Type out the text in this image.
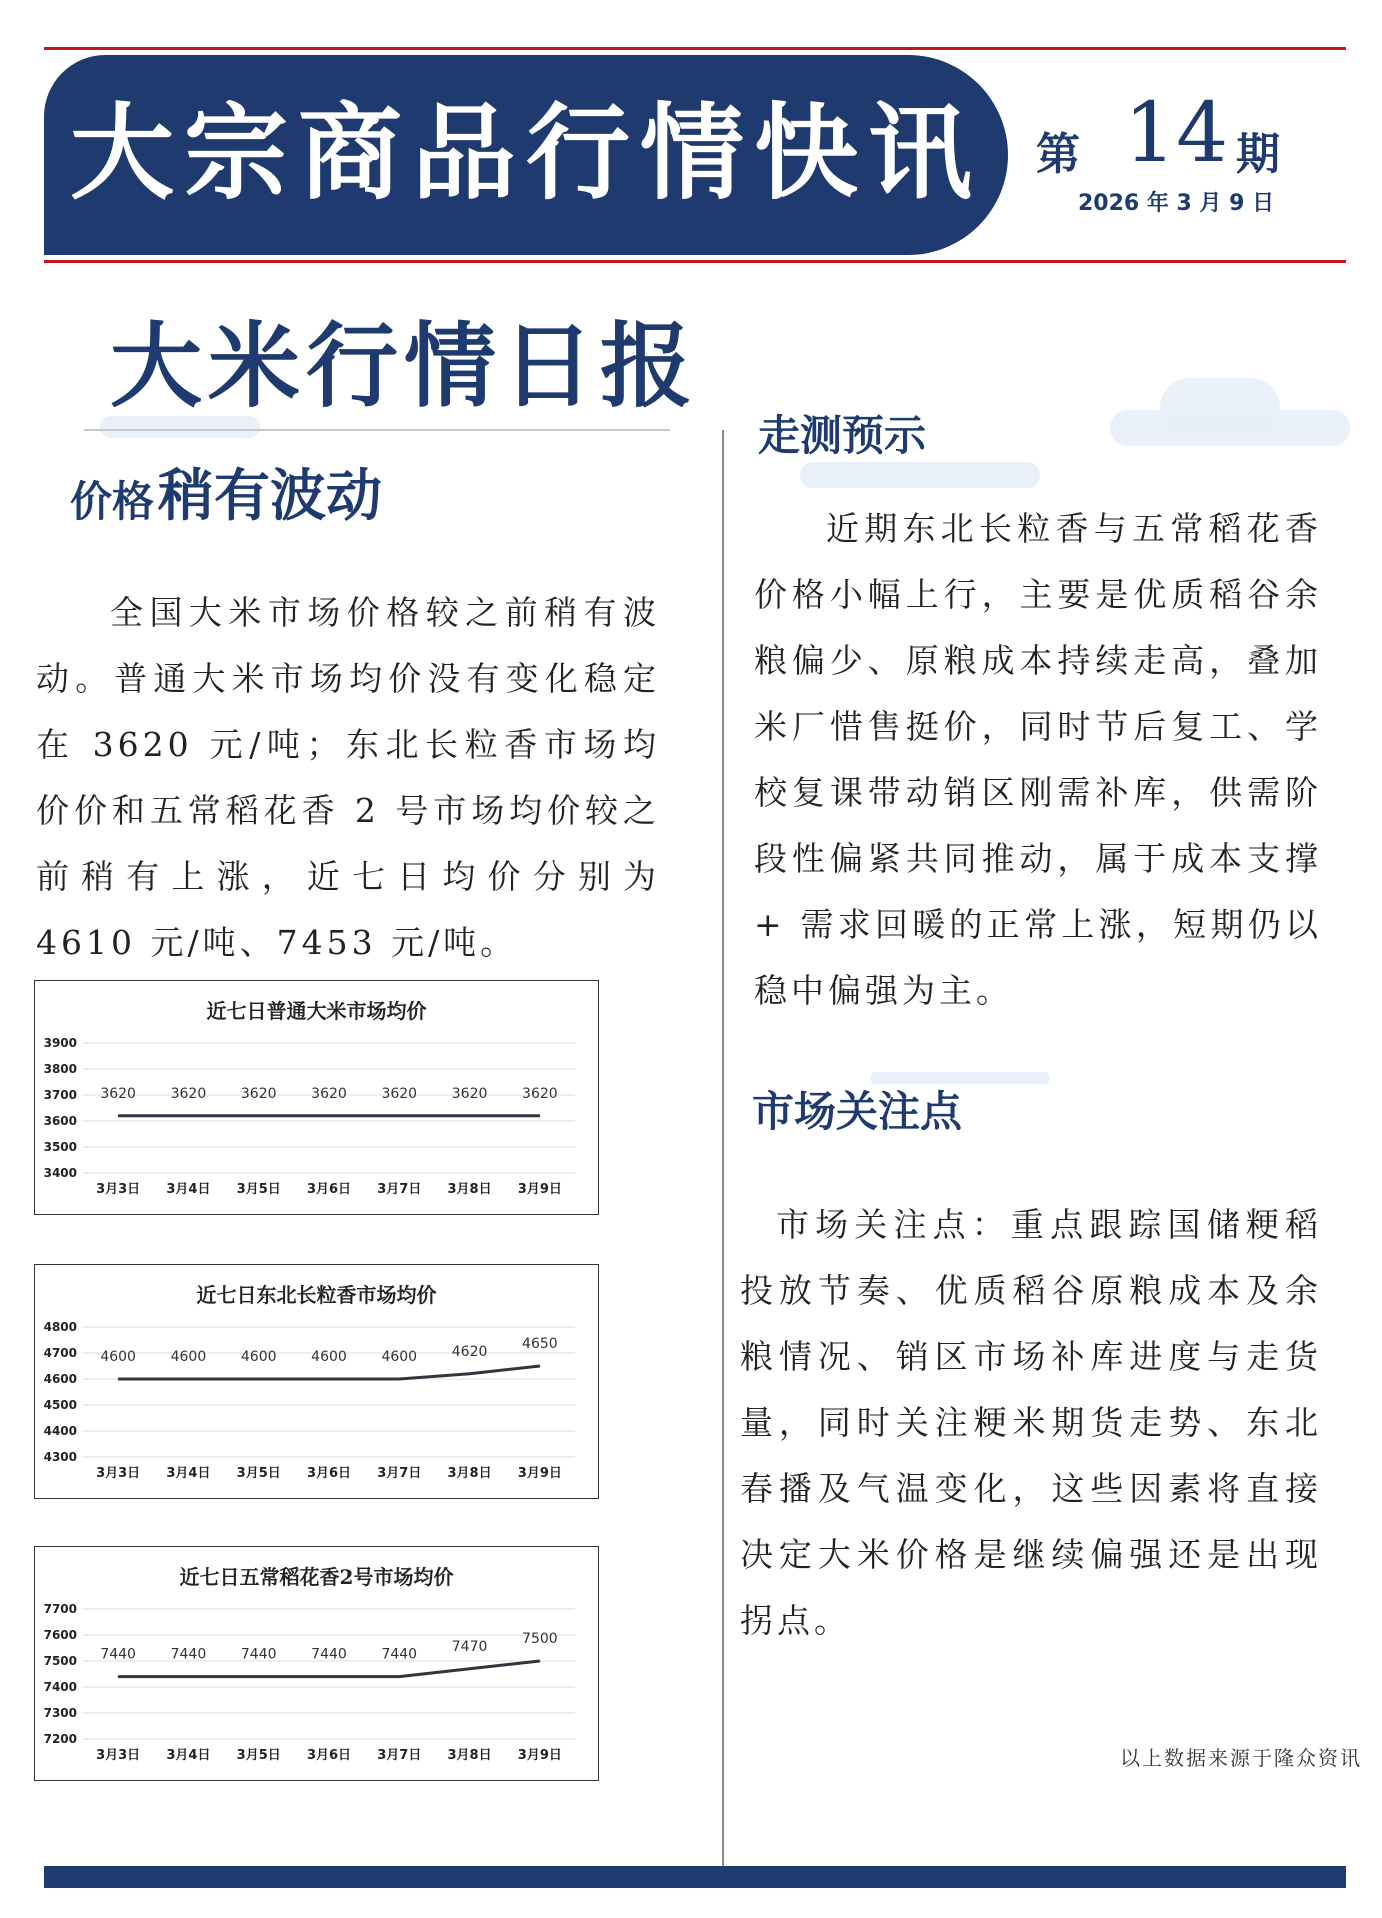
大宗商品行情快讯 第 14 期
2026 年 3 月 9 日
大米行情日报
价格 稍有波动

全国大米市场价格较之前稍有波动。普通大米市场均价没有变化稳定在 3620 元/吨；东北长粒香市场均价价和五常稻花香 2 号市场均价较之前稍有上涨，近七日均价分别为 4610 元/吨、7453 元/吨。

近七日普通大米市场均价
3400
3500
3600
3700
3800
3900
3月3日 3月4日 3月5日 3月6日 3月7日 3月8日 3月9日
3620 3620 3620 3620 3620 3620 3620
近七日东北长粒香市场均价
4300
4400
4500
4600
4700
4800
3月3日 3月4日 3月5日 3月6日 3月7日 3月8日 3月9日
4600 4600 4600 4600 4600 4620 4650
近七日五常稻花香2号市场均价
7200
7300
7400
7500
7600
7700
3月3日 3月4日 3月5日 3月6日 3月7日 3月8日 3月9日
7440 7440 7440 7440 7440 7470 7500
走测预示

近期东北长粒香与五常稻花香价格小幅上行，主要是优质稻谷余粮偏少、原粮成本持续走高，叠加米厂惜售挺价，同时节后复工、学校复课带动销区刚需补库，供需阶段性偏紧共同推动，属于成本支撑 + 需求回暖的正常上涨，短期仍以稳中偏强为主。

市场关注点

市场关注点：重点跟踪国储粳稻投放节奏、优质稻谷原粮成本及余粮情况、销区市场补库进度与走货量，同时关注粳米期货走势、东北春播及气温变化，这些因素将直接决定大米价格是继续偏强还是出现拐点。

以上数据来源于隆众资讯
